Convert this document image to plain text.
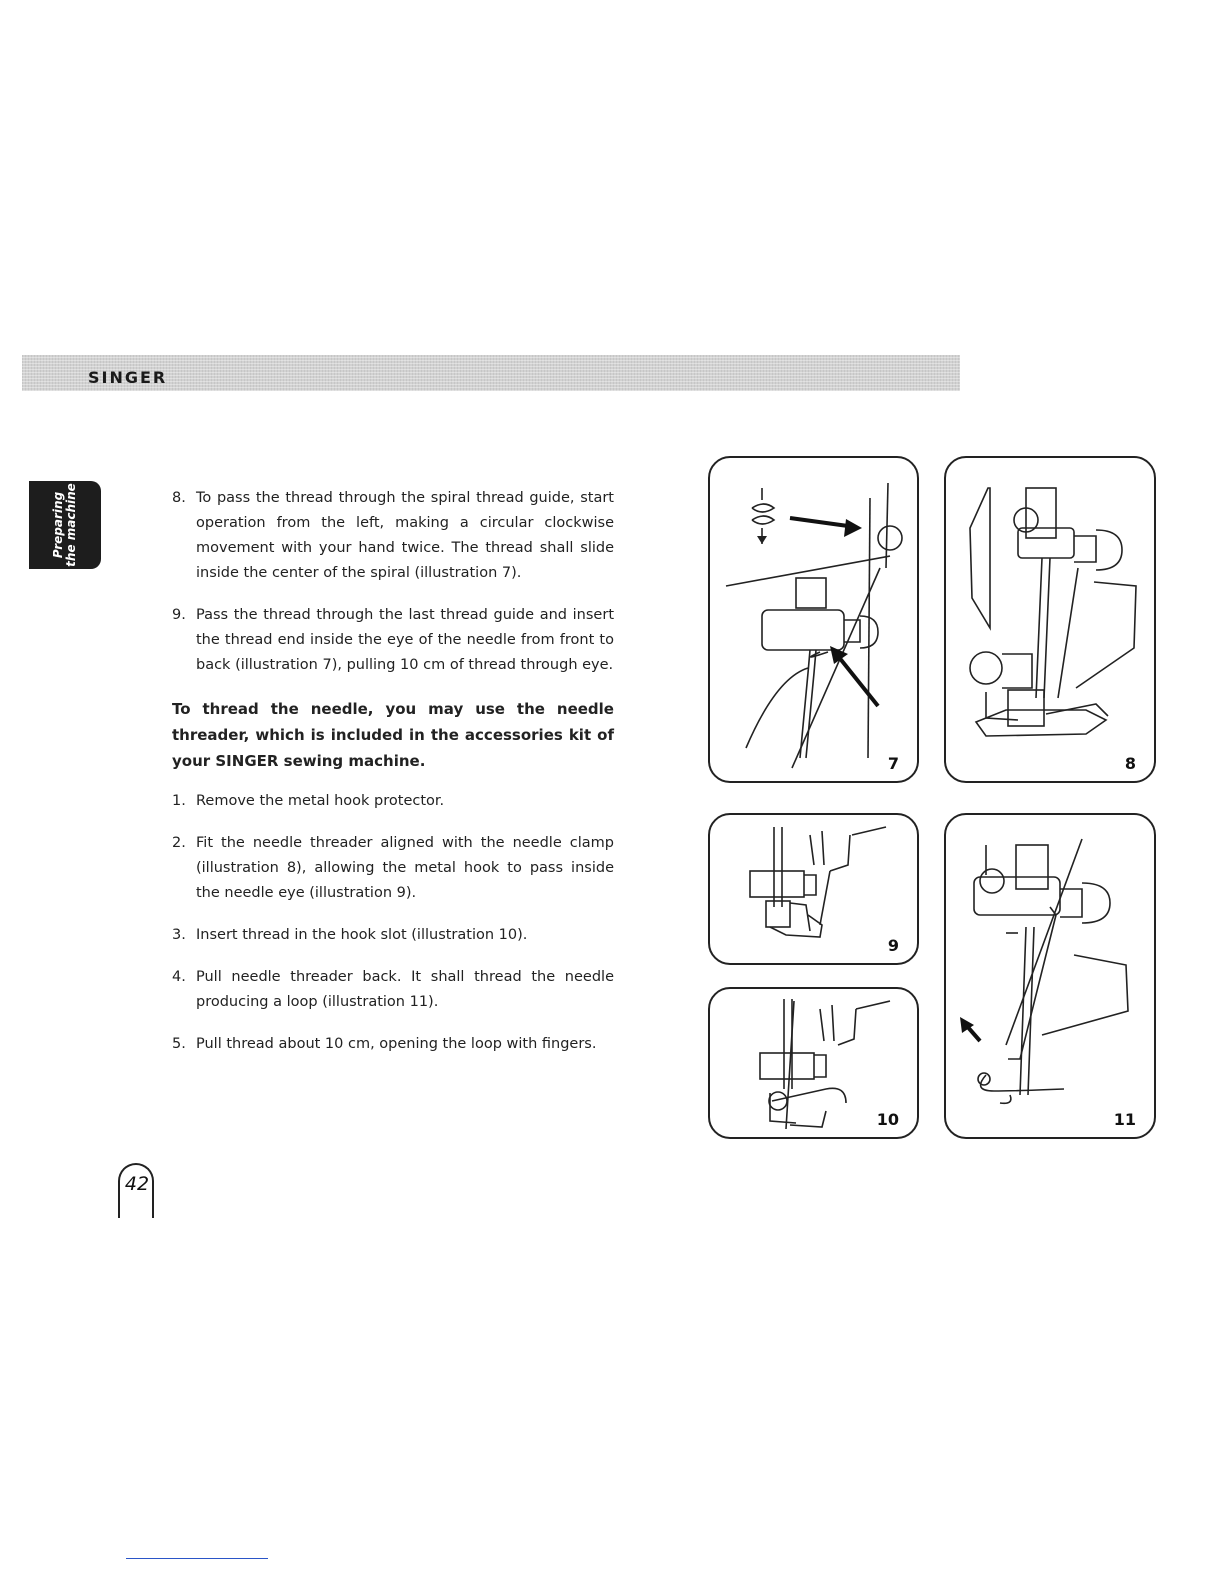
SINGER
Preparing the machine	8. To pass the thread through the spiral thread guide, start operation from the left, making a circular clockwise movement with your hand twice. The thread shall slide inside the center of the spiral (illustration 7).

9. Pass the thread through the last thread guide and insert the thread end inside the eye of the needle from front to back (illustration 7), pulling 10 cm of thread through eye.

To thread the needle, you may use the needle threader, which is included in the accessories kit of your SINGER sewing machine.

1. Remove the metal hook protector.

2. Fit the needle threader aligned with the needle clamp (illustration 8), allowing the metal hook to pass inside the needle eye (illustration 9).

3. Insert thread in the hook slot (illustration 10).

4. Pull needle threader back. It shall thread the needle producing a loop (illustration 11).

5. Pull thread about 10 cm, opening the loop with fingers.

7	8
9
10	11
42
